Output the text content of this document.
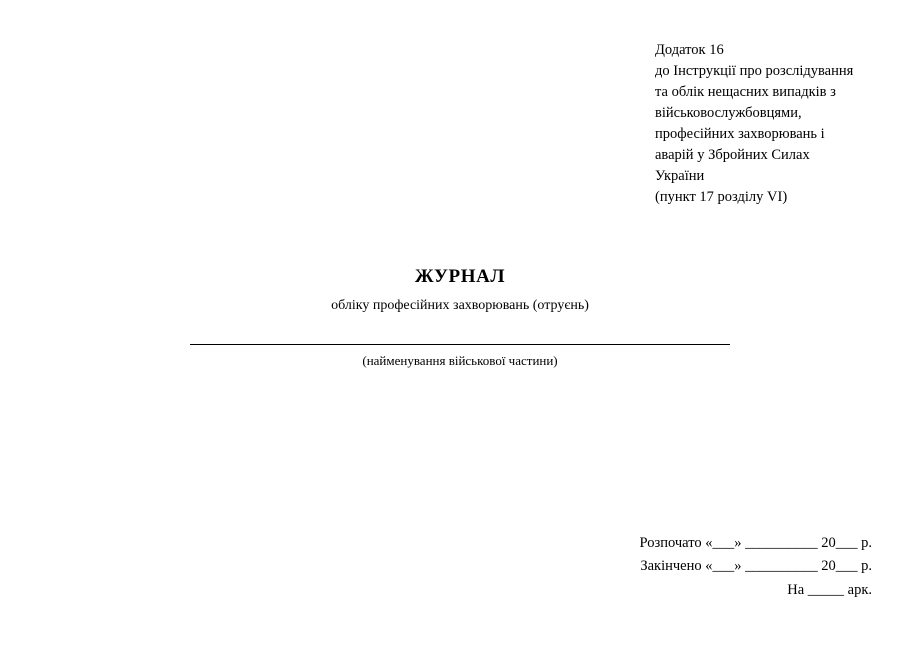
Додаток 16
до Інструкції про розслідування
та облік нещасних випадків з
військовослужбовцями,
професійних захворювань і
аварій у Збройних Силах
України
(пункт 17 розділу VI)
ЖУРНАЛ

обліку професійних захворювань (отруєнь)

(найменування військової частини)
Розпочато «___» __________ 20___ р.
Закінчено «___» __________ 20___ р.
На _____ арк.
